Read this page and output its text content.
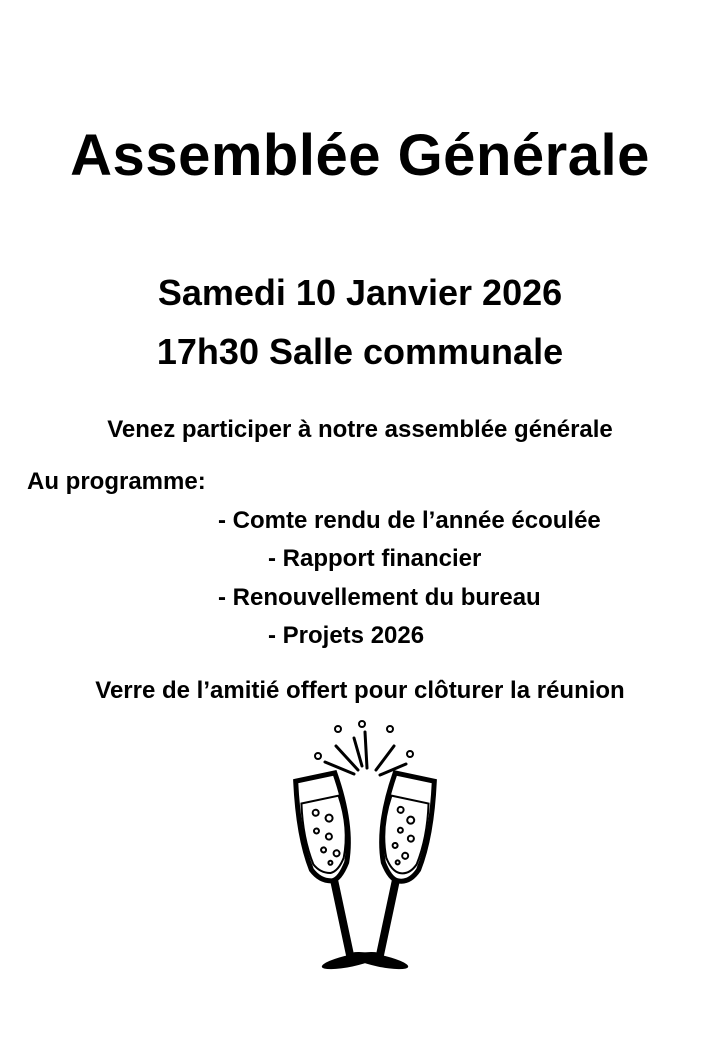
Assemblée Générale

Samedi 10 Janvier 2026

17h30 Salle communale

Venez participer à notre assemblée générale

Au programme:

- Comte rendu de l’année écoulée

- Rapport financier

- Renouvellement du bureau

- Projets 2026

Verre de l’amitié offert pour clôturer la réunion
